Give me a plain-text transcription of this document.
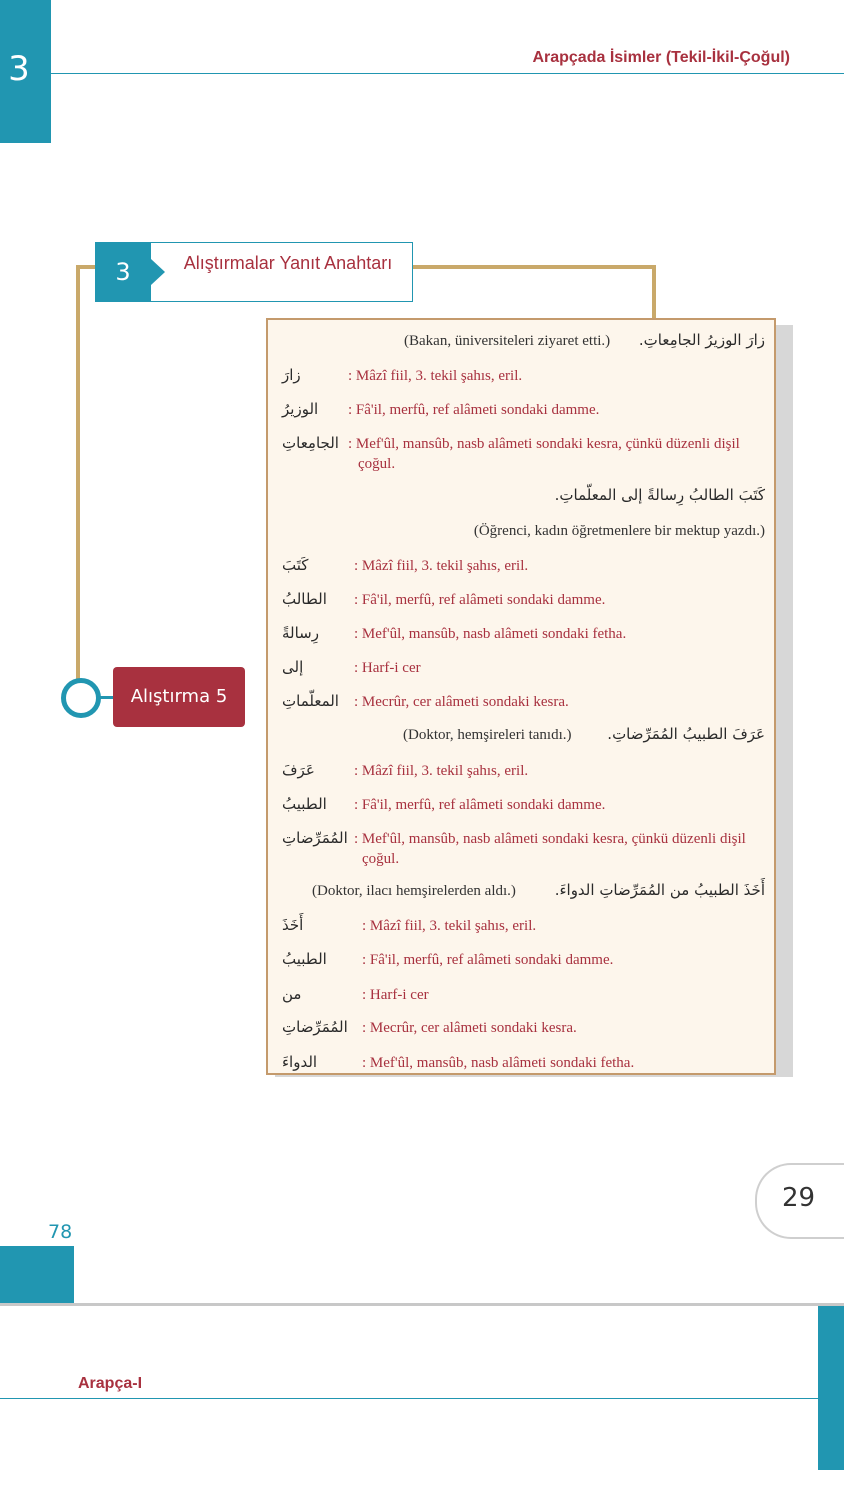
3	Arapçada İsimler (Tekil-İkil-Çoğul)
3	Alıştırmalar Yanıt Anahtarı
Alıştırma 5
زارَ الوزيرُ الجامِعاتِ.
(Bakan, üniversiteleri ziyaret etti.)
زارَ	: Mâzî fiil, 3. tekil şahıs, eril.
الوزيرُ : Fâ'il, merfû, ref alâmeti sondaki damme.
الجامِعاتِ : Mef'ûl, mansûb, nasb alâmeti sondaki kesra, çünkü düzenli dişil
çoğul.
كَتَبَ الطالبُ رِسالةً إلى المعلّماتِ.
(Öğrenci, kadın öğretmenlere bir mektup yazdı.)
كَتَبَ	: Mâzî fiil, 3. tekil şahıs, eril.
الطالبُ : Fâ'il, merfû, ref alâmeti sondaki damme.
رِسالةً : Mef'ûl, mansûb, nasb alâmeti sondaki fetha.
إلى	: Harf-i cer
المعلّماتِ : Mecrûr, cer alâmeti sondaki kesra.
عَرَفَ الطبيبُ المُمَرِّضاتِ.
(Doktor, hemşireleri tanıdı.)
عَرَفَ	: Mâzî fiil, 3. tekil şahıs, eril.
الطبيبُ : Fâ'il, merfû, ref alâmeti sondaki damme.
المُمَرِّضاتِ : Mef'ûl, mansûb, nasb alâmeti sondaki kesra, çünkü düzenli dişil
çoğul.
أَخَذَ الطبيبُ من المُمَرِّضاتِ الدواءَ.
(Doktor, ilacı hemşirelerden aldı.)
أَخَذَ	: Mâzî fiil, 3. tekil şahıs, eril.
الطبيبُ : Fâ'il, merfû, ref alâmeti sondaki damme.
من	: Harf-i cer
المُمَرِّضاتِ : Mecrûr, cer alâmeti sondaki kesra.
الدواءَ	: Mef'ûl, mansûb, nasb alâmeti sondaki fetha.
29
78
Arapça-I
